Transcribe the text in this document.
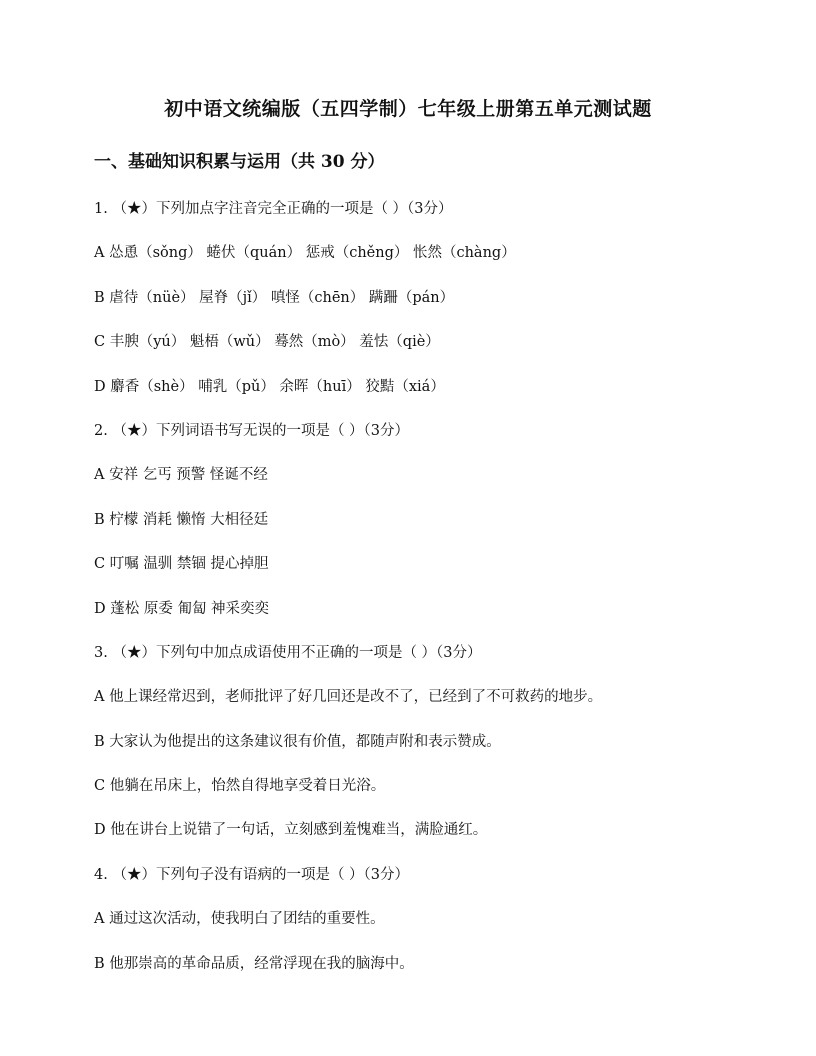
初中语文统编版（五四学制）七年级上册第五单元测试题
一、基础知识积累与运用（共 30 分）
1. （★）下列加点字注音完全正确的一项是（ ）（3分）
A 怂恿（sǒng） 蜷伏（quán） 惩戒（chěng） 怅然（chàng）
B 虐待（nüè） 屋脊（jǐ） 嗔怪（chēn） 蹒跚（pán）
C 丰腴（yú） 魁梧（wǔ） 蓦然（mò） 羞怯（qiè）
D 麝香（shè） 哺乳（pǔ） 余晖（huī） 狡黠（xiá）
2. （★）下列词语书写无误的一项是（ ）（3分）
A 安祥 乞丐 预警 怪诞不经
B 柠檬 消耗 懒惰 大相径廷
C 叮嘱 温驯 禁锢 提心掉胆
D 蓬松 原委 匍匐 神采奕奕
3. （★）下列句中加点成语使用不正确的一项是（ ）（3分）
A 他上课经常迟到，老师批评了好几回还是改不了，已经到了不可救药的地步。
B 大家认为他提出的这条建议很有价值，都随声附和表示赞成。
C 他躺在吊床上，怡然自得地享受着日光浴。
D 他在讲台上说错了一句话，立刻感到羞愧难当，满脸通红。
4. （★）下列句子没有语病的一项是（ ）（3分）
A 通过这次活动，使我明白了团结的重要性。
B 他那崇高的革命品质，经常浮现在我的脑海中。
